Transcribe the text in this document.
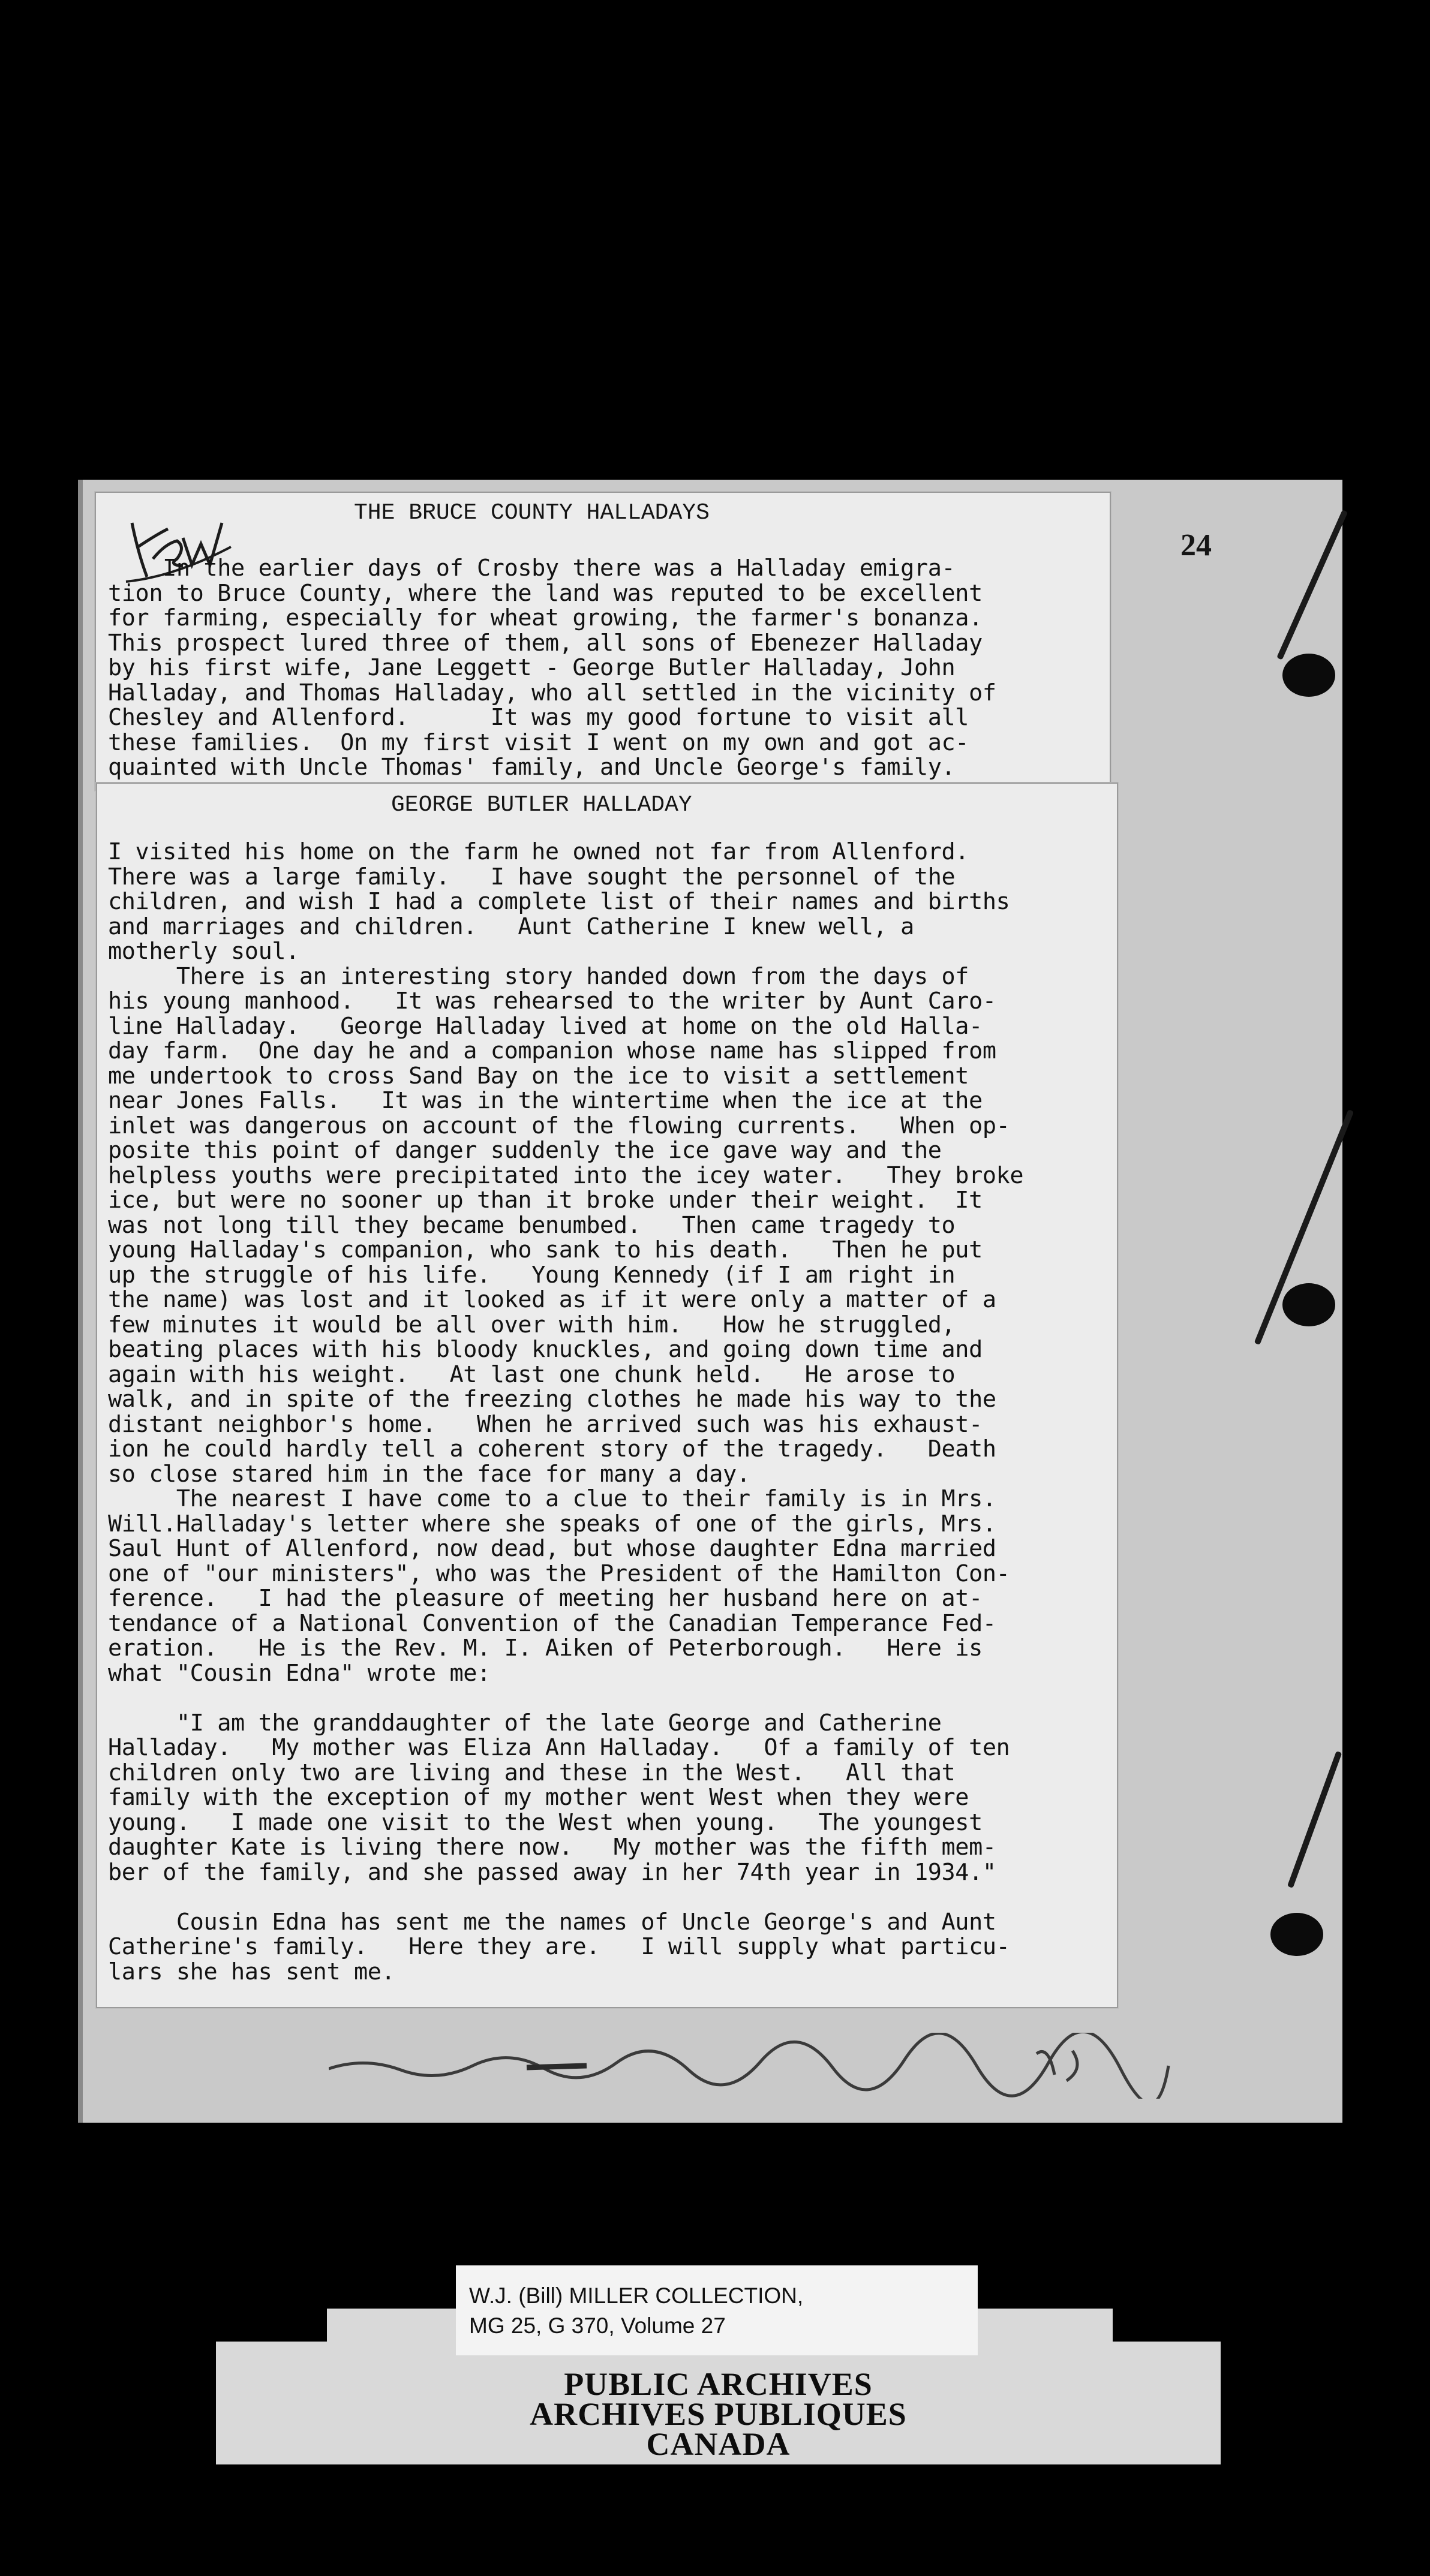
THE BRUCE COUNTY HALLADAYS
In the earlier days of Crosby there was a Halladay emigra-
tion to Bruce County, where the land was reputed to be excellent
for farming, especially for wheat growing, the farmer's bonanza.
This prospect lured three of them, all sons of Ebenezer Halladay
by his first wife, Jane Leggett - George Butler Halladay, John
Halladay, and Thomas Halladay, who all settled in the vicinity of
Chesley and Allenford.      It was my good fortune to visit all
these families.  On my first visit I went on my own and got ac-
quainted with Uncle Thomas' family, and Uncle George's family.

GEORGE BUTLER HALLADAY
I visited his home on the farm he owned not far from Allenford.
There was a large family.   I have sought the personnel of the
children, and wish I had a complete list of their names and births
and marriages and children.   Aunt Catherine I knew well, a
motherly soul.
There is an interesting story handed down from the days of
his young manhood.   It was rehearsed to the writer by Aunt Caro-
line Halladay.   George Halladay lived at home on the old Halla-
day farm.  One day he and a companion whose name has slipped from
me undertook to cross Sand Bay on the ice to visit a settlement
near Jones Falls.   It was in the wintertime when the ice at the
inlet was dangerous on account of the flowing currents.   When op-
posite this point of danger suddenly the ice gave way and the
helpless youths were precipitated into the icey water.   They broke
ice, but were no sooner up than it broke under their weight.  It
was not long till they became benumbed.   Then came tragedy to
young Halladay's companion, who sank to his death.   Then he put
up the struggle of his life.   Young Kennedy (if I am right in
the name) was lost and it looked as if it were only a matter of a
few minutes it would be all over with him.   How he struggled,
beating places with his bloody knuckles, and going down time and
again with his weight.   At last one chunk held.   He arose to
walk, and in spite of the freezing clothes he made his way to the
distant neighbor's home.   When he arrived such was his exhaust-
ion he could hardly tell a coherent story of the tragedy.   Death
so close stared him in the face for many a day.
The nearest I have come to a clue to their family is in Mrs.
Will.Halladay's letter where she speaks of one of the girls, Mrs.
Saul Hunt of Allenford, now dead, but whose daughter Edna married
one of "our ministers", who was the President of the Hamilton Con-
ference.   I had the pleasure of meeting her husband here on at-
tendance of a National Convention of the Canadian Temperance Fed-
eration.   He is the Rev. M. I. Aiken of Peterborough.   Here is
what "Cousin Edna" wrote me:

"I am the granddaughter of the late George and Catherine
Halladay.   My mother was Eliza Ann Halladay.   Of a family of ten
children only two are living and these in the West.   All that
family with the exception of my mother went West when they were
young.   I made one visit to the West when young.   The youngest
daughter Kate is living there now.   My mother was the fifth mem-
ber of the family, and she passed away in her 74th year in 1934."

Cousin Edna has sent me the names of Uncle George's and Aunt
Catherine's family.   Here they are.   I will supply what particu-
lars she has sent me.

24
ᵗᴼᴿ ˢᶦ ᵉ ᵐᵒʳᵗ. ᴹ, ᶦⁿᵒᵏʳᵉʳ — ᵐᵉʳᵉᴰ ʸᵉᵃʳᵐ 8. 1281 —
PUBLIC ARCHIVES
ARCHIVES PUBLIQUES
CANADA
W.J. (Bill) MILLER COLLECTION,
MG 25, G 370, Volume 27
